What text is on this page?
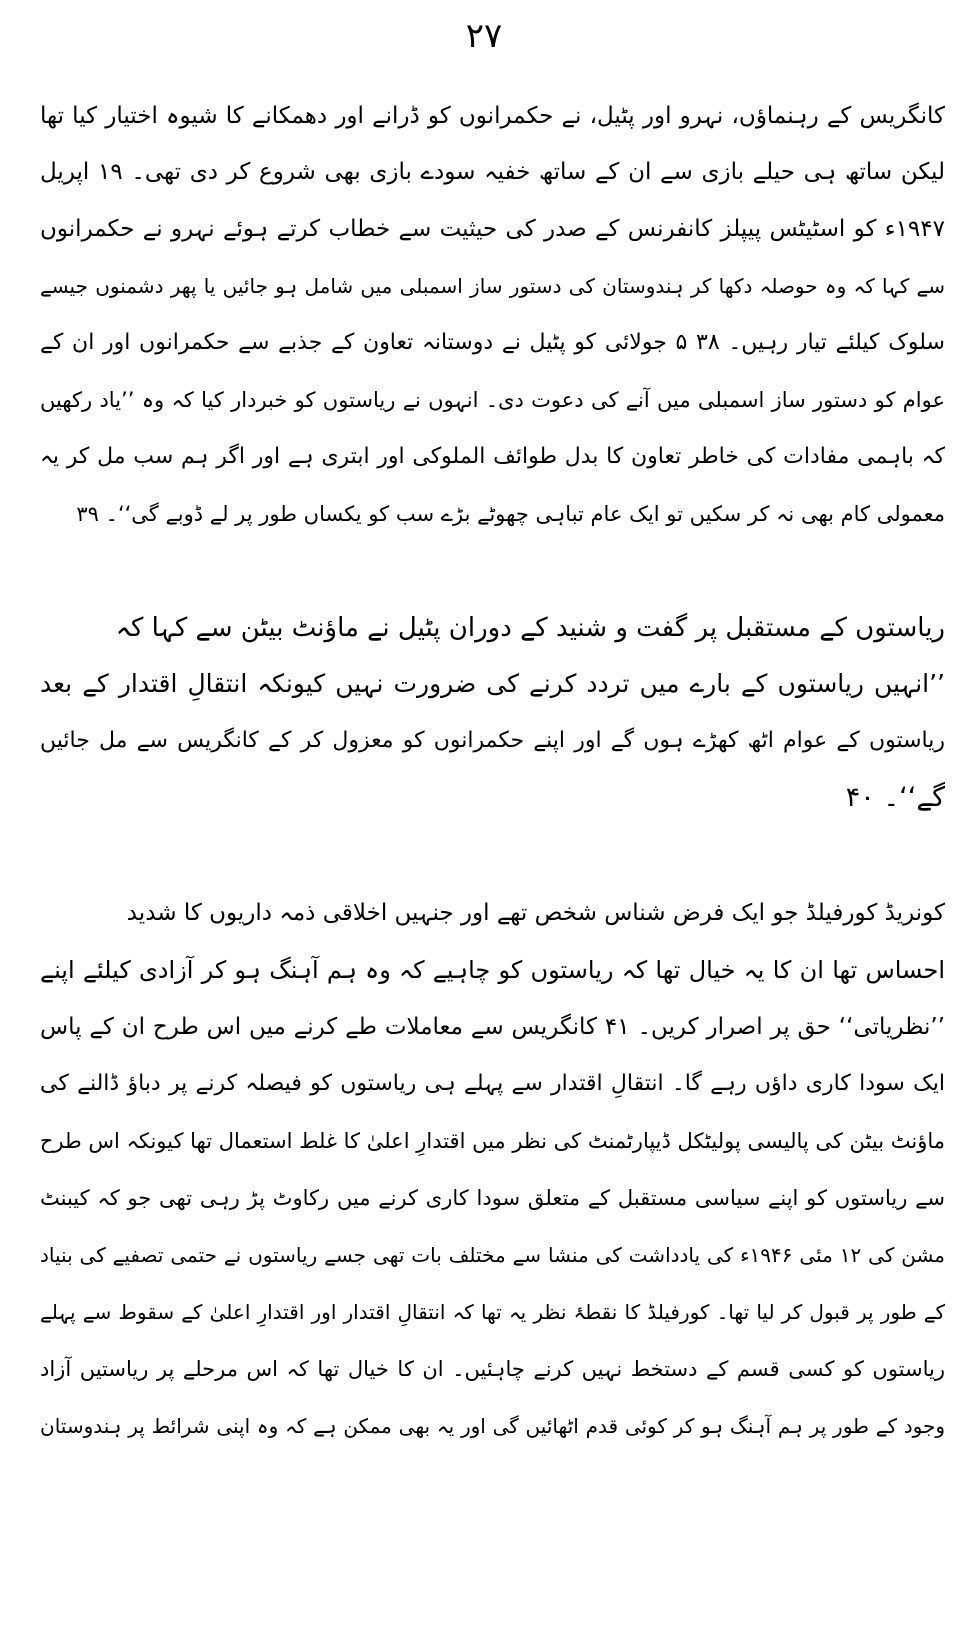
۲۷
کانگریس کے رہنماؤں، نہرو اور پٹیل، نے حکمرانوں کو ڈرانے اور دھمکانے کا شیوہ اختیار کیا تھا
لیکن ساتھ ہی حیلے بازی سے ان کے ساتھ خفیہ سودے بازی بھی شروع کر دی تھی۔ ۱۹ اپریل
۱۹۴۷ء کو اسٹیٹس پیپلز کانفرنس کے صدر کی حیثیت سے خطاب کرتے ہوئے نہرو نے حکمرانوں
سے کہا کہ وہ حوصلہ دکھا کر ہندوستان کی دستور ساز اسمبلی میں شامل ہو جائیں یا پھر دشمنوں جیسے
سلوک کیلئے تیار رہیں۔ ۳۸ ۵ جولائی کو پٹیل نے دوستانہ تعاون کے جذبے سے حکمرانوں اور ان کے
عوام کو دستور ساز اسمبلی میں آنے کی دعوت دی۔ انہوں نے ریاستوں کو خبردار کیا کہ وہ ’’یاد رکھیں
کہ باہمی مفادات کی خاطر تعاون کا بدل طوائف الملوکی اور ابتری ہے اور اگر ہم سب مل کر یہ
معمولی کام بھی نہ کر سکیں تو ایک عام تباہی چھوٹے بڑے سب کو یکساں طور پر لے ڈوبے گی‘‘۔ ۳۹
ریاستوں کے مستقبل پر گفت و شنید کے دوران پٹیل نے ماؤنٹ بیٹن سے کہا کہ
’’انہیں ریاستوں کے بارے میں تردد کرنے کی ضرورت نہیں کیونکہ انتقالِ اقتدار کے بعد
ریاستوں کے عوام اٹھ کھڑے ہوں گے اور اپنے حکمرانوں کو معزول کر کے کانگریس سے مل جائیں
گے‘‘۔ ۴۰
کونریڈ کورفیلڈ جو ایک فرض شناس شخص تھے اور جنہیں اخلاقی ذمہ داریوں کا شدید
احساس تھا ان کا یہ خیال تھا کہ ریاستوں کو چاہیے کہ وہ ہم آہنگ ہو کر آزادی کیلئے اپنے
’’نظریاتی‘‘ حق پر اصرار کریں۔ ۴۱ کانگریس سے معاملات طے کرنے میں اس طرح ان کے پاس
ایک سودا کاری داؤں رہے گا۔ انتقالِ اقتدار سے پہلے ہی ریاستوں کو فیصلہ کرنے پر دباؤ ڈالنے کی
ماؤنٹ بیٹن کی پالیسی پولیٹکل ڈیپارٹمنٹ کی نظر میں اقتدارِ اعلیٰ کا غلط استعمال تھا کیونکہ اس طرح
سے ریاستوں کو اپنے سیاسی مستقبل کے متعلق سودا کاری کرنے میں رکاوٹ پڑ رہی تھی جو کہ کیبنٹ
مشن کی ۱۲ مئی ۱۹۴۶ء کی یادداشت کی منشا سے مختلف بات تھی جسے ریاستوں نے حتمی تصفیے کی بنیاد
کے طور پر قبول کر لیا تھا۔ کورفیلڈ کا نقطۂ نظر یہ تھا کہ انتقالِ اقتدار اور اقتدارِ اعلیٰ کے سقوط سے پہلے
ریاستوں کو کسی قسم کے دستخط نہیں کرنے چاہئیں۔ ان کا خیال تھا کہ اس مرحلے پر ریاستیں آزاد
وجود کے طور پر ہم آہنگ ہو کر کوئی قدم اٹھائیں گی اور یہ بھی ممکن ہے کہ وہ اپنی شرائط پر ہندوستان
